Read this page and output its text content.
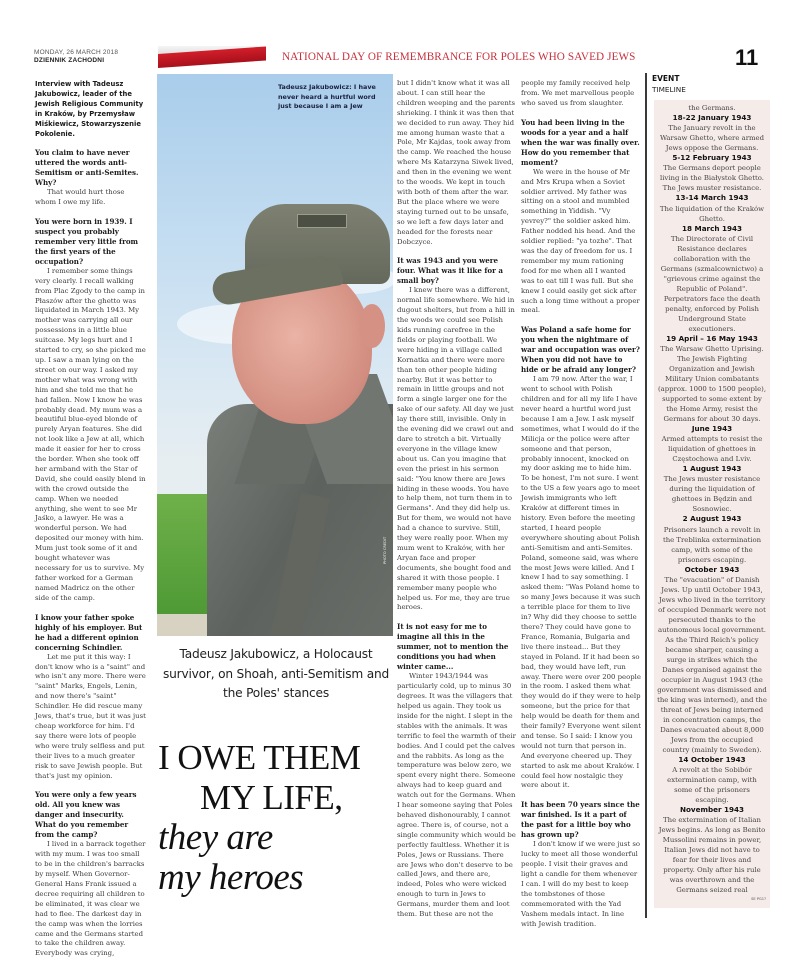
MONDAY, 26 MARCH 2018
DZIENNIK ZACHODNI	NATIONAL DAY OF REMEMBRANCE FOR POLES WHO SAVED JEWS	11
Interview with Tadeusz Jakubowicz, leader of the Jewish Religious Community in Kraków, by Przemysław Miśkiewicz, Stowarzyszenie Pokolenie.
You claim to have never uttered the words anti-Semitism or anti-Semites. Why?

That would hurt those whom I owe my life.

You were born in 1939. I suspect you probably remember very little from the first years of the occupation?

I remember some things very clearly. I recall walking from Plac Zgody to the camp in Płaszów after the ghetto was liquidated in March 1943. My mother was carrying all our possessions in a little blue suitcase. My legs hurt and I started to cry, so she picked me up. I saw a man lying on the street on our way. I asked my mother what was wrong with him and she told me that he had fallen. Now I know he was probably dead. My mum was a beautiful blue-eyed blonde of purely Aryan features. She did not look like a Jew at all, which made it easier for her to cross the border. When she took off her armband with the Star of David, she could easily blend in with the crowd outside the camp. When we needed anything, she went to see Mr Jaśko, a lawyer. He was a wonderful person. We had deposited our money with him. Mum just took some of it and bought whatever was necessary for us to survive. My father worked for a German named Madricz on the other side of the camp.

I know your father spoke highly of his employer. But he had a different opinion concerning Schindler.

Let me put it this way: I don't know who is a "saint" and who isn't any more. There were "saint" Marks, Engels, Lenin, and now there's "saint" Schindler. He did rescue many Jews, that's true, but it was just cheap workforce for him. I'd say there were lots of people who were truly selfless and put their lives to a much greater risk to save Jewish people. But that's just my opinion.

You were only a few years old. All you knew was danger and insecurity. What do you remember from the camp?

I lived in a barrack together with my mum. I was too small to be in the children's barracks by myself. When Governor-General Hans Frank issued a decree requiring all children to be eliminated, it was clear we had to flee. The darkest day in the camp was when the lorries came and the Germans started to take the children away. Everybody was crying,

Tadeusz Jakubowicz: I have never heard a hurtful word just because I am a Jew
PHOTO CREDIT
Tadeusz Jakubowicz, a Holocaust survivor, on Shoah, anti-Semitism and the Poles' stances
I OWE THEM
MY LIFE,
they are
my heroes

but I didn't know what it was all about. I can still hear the children weeping and the parents shrieking. I think it was then that we decided to run away. They hid me among human waste that a Pole, Mr Kajdas, took away from the camp. We reached the house where Ms Katarzyna Siwek lived, and then in the evening we went to the woods. We kept in touch with both of them after the war. But the place where we were staying turned out to be unsafe, so we left a few days later and headed for the forests near Dobczyce.

It was 1943 and you were four. What was it like for a small boy?

I knew there was a different, normal life somewhere. We hid in dugout shelters, but from a hill in the woods we could see Polish kids running carefree in the fields or playing football. We were hiding in a village called Kornatka and there were more than ten other people hiding nearby. But it was better to remain in little groups and not form a single larger one for the sake of our safety. All day we just lay there still, invisible. Only in the evening did we crawl out and dare to stretch a bit. Virtually everyone in the village knew about us. Can you imagine that even the priest in his sermon said: "You know there are Jews hiding in these woods. You have to help them, not turn them in to Germans". And they did help us. But for them, we would not have had a chance to survive. Still, they were really poor. When my mum went to Kraków, with her Aryan face and proper documents, she bought food and shared it with those people. I remember many people who helped us. For me, they are true heroes.

It is not easy for me to imagine all this in the summer, not to mention the conditions you had when winter came...

Winter 1943/1944 was particularly cold, up to minus 30 degrees. It was the villagers that helped us again. They took us inside for the night. I slept in the stables with the animals. It was terrific to feel the warmth of their bodies. And I could pet the calves and the rabbits. As long as the temperature was below zero, we spent every night there. Someone always had to keep guard and watch out for the Germans. When I hear someone saying that Poles behaved dishonourably, I cannot agree. There is, of course, not a single community which would be perfectly faultless. Whether it is Poles, Jews or Russians. There are Jews who don't deserve to be called Jews, and there are, indeed, Poles who were wicked enough to turn in Jews to Germans, murder them and loot them. But these are not the

people my family received help from. We met marvellous people who saved us from slaughter.

You had been living in the woods for a year and a half when the war was finally over. How do you remember that moment?

We were in the house of Mr and Mrs Krupa when a Soviet soldier arrived. My father was sitting on a stool and mumbled something in Yiddish. "Vy yevrey?" the soldier asked him. Father nodded his head. And the soldier replied: "ya tozhe". That was the day of freedom for us. I remember my mum rationing food for me when all I wanted was to eat till I was full. But she knew I could easily get sick after such a long time without a proper meal.

Was Poland a safe home for you when the nightmare of war and occupation was over? When you did not have to hide or be afraid any longer?

I am 79 now. After the war, I went to school with Polish children and for all my life I have never heard a hurtful word just because I am a Jew. I ask myself sometimes, what I would do if the Milicja or the police were after someone and that person, probably innocent, knocked on my door asking me to hide him. To be honest, I'm not sure. I went to the US a few years ago to meet Jewish immigrants who left Kraków at different times in history. Even before the meeting started, I heard people everywhere shouting about Polish anti-Semitism and anti-Semites. Poland, someone said, was where the most Jews were killed. And I knew I had to say something. I asked them: "Was Poland home to so many Jews because it was such a terrible place for them to live in? Why did they choose to settle there? They could have gone to France, Romania, Bulgaria and live there instead... But they stayed in Poland. If it had been so bad, they would have left, run away. There were over 200 people in the room. I asked them what they would do if they were to help someone, but the price for that help would be death for them and their family? Everyone went silent and tense. So I said: I know you would not turn that person in. And everyone cheered up. They started to ask me about Kraków. I could feel how nostalgic they were about it.

It has been 70 years since the war finished. Is it a part of the past for a little boy who has grown up?

I don't know if we were just so lucky to meet all those wonderful people. I visit their graves and light a candle for them whenever I can. I will do my best to keep the tombstones of those commemorated with the Yad Vashem medals intact. In line with Jewish tradition.

EVENT
TIMELINE
the Germans.
18-22 January 1943
The January revolt in the Warsaw Ghetto, where armed Jews oppose the Germans.
5-12 February 1943
The Germans deport people living in the Białystok Ghetto. The Jews muster resistance.
13-14 March 1943
The liquidation of the Kraków Ghetto.
18 March 1943
The Directorate of Civil Resistance declares collaboration with the Germans (szmalcownictwo) a "grievous crime against the Republic of Poland". Perpetrators face the death penalty, enforced by Polish Underground State executioners.
19 April – 16 May 1943
The Warsaw Ghetto Uprising. The Jewish Fighting Organization and Jewish Military Union combatants (approx. 1000 to 1500 people), supported to some extent by the Home Army, resist the Germans for about 30 days.
June 1943
Armed attempts to resist the liquidation of ghettoes in Częstochowa and Lviv.
1 August 1943
The Jews muster resistance during the liquidation of ghettoes in Będzin and Sosnowiec.
2 August 1943
Prisoners launch a revolt in the Treblinka extermination camp, with some of the prisoners escaping.
October 1943
The "evacuation" of Danish Jews. Up until October 1943, Jews who lived in the territory of occupied Denmark were not persecuted thanks to the autonomous local government. As the Third Reich's policy became sharper, causing a surge in strikes which the Danes organised against the occupier in August 1943 (the government was dismissed and the king was interned), and the threat of Jews being interned in concentration camps, the Danes evacuated about 8,000 Jews from the occupied country (mainly to Sweden).
14 October 1943
A revolt at the Sobibór extermination camp, with some of the prisoners escaping.
November 1943
The extermination of Italian Jews begins. As long as Benito Mussolini remains in power, Italian Jews did not have to fear for their lives and property. Only after his rule was overthrown and the Germans seized real
SE PG1?
